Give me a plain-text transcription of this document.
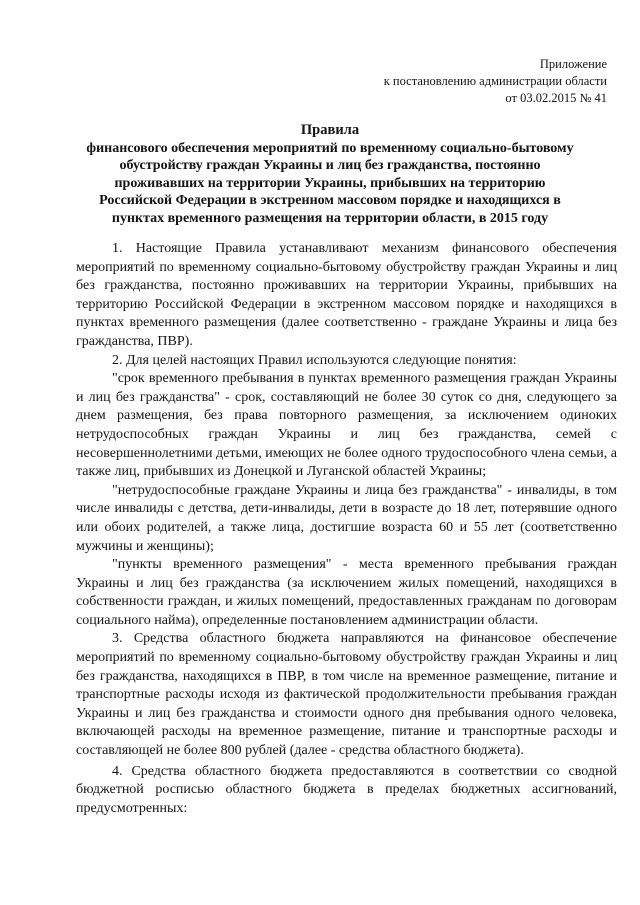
Приложение
к постановлению администрации области
от 03.02.2015 № 41
Правила
финансового обеспечения мероприятий по временному социально-бытовому
обустройству граждан Украины и лиц без гражданства, постоянно
проживавших на территории Украины, прибывших на территорию
Российской Федерации в экстренном массовом порядке и находящихся в
пунктах временного размещения на территории области, в 2015 году

1. Настоящие Правила устанавливают механизм финансового обеспечения мероприятий по временному социально-бытовому обустройству граждан Украины и лиц без гражданства, постоянно проживавших на территории Украины, прибывших на территорию Российской Федерации в экстренном массовом порядке и находящихся в пунктах временного размещения (далее соответственно - граждане Украины и лица без гражданства, ПВР).

2. Для целей настоящих Правил используются следующие понятия:

"срок временного пребывания в пунктах временного размещения граждан Украины и лиц без гражданства" - срок, составляющий не более 30 суток со дня, следующего за днем размещения, без права повторного размещения, за исключением одиноких нетрудоспособных граждан Украины и лиц без гражданства, семей с несовершеннолетними детьми, имеющих не более одного трудоспособного члена семьи, а также лиц, прибывших из Донецкой и Луганской областей Украины;

"нетрудоспособные граждане Украины и лица без гражданства" - инвалиды, в том числе инвалиды с детства, дети-инвалиды, дети в возрасте до 18 лет, потерявшие одного или обоих родителей, а также лица, достигшие возраста 60 и 55 лет (соответственно мужчины и женщины);

"пункты временного размещения" - места временного пребывания граждан Украины и лиц без гражданства (за исключением жилых помещений, находящихся в собственности граждан, и жилых помещений, предоставленных гражданам по договорам социального найма), определенные постановлением администрации области.

3. Средства областного бюджета направляются на финансовое обеспечение мероприятий по временному социально-бытовому обустройству граждан Украины и лиц без гражданства, находящихся в ПВР, в том числе на временное размещение, питание и транспортные расходы исходя из фактической продолжительности пребывания граждан Украины и лиц без гражданства и стоимости одного дня пребывания одного человека, включающей расходы на временное размещение, питание и транспортные расходы и составляющей не более 800 рублей (далее - средства областного бюджета).

4. Средства областного бюджета предоставляются в соответствии со сводной бюджетной росписью областного бюджета в пределах бюджетных ассигнований, предусмотренных:
